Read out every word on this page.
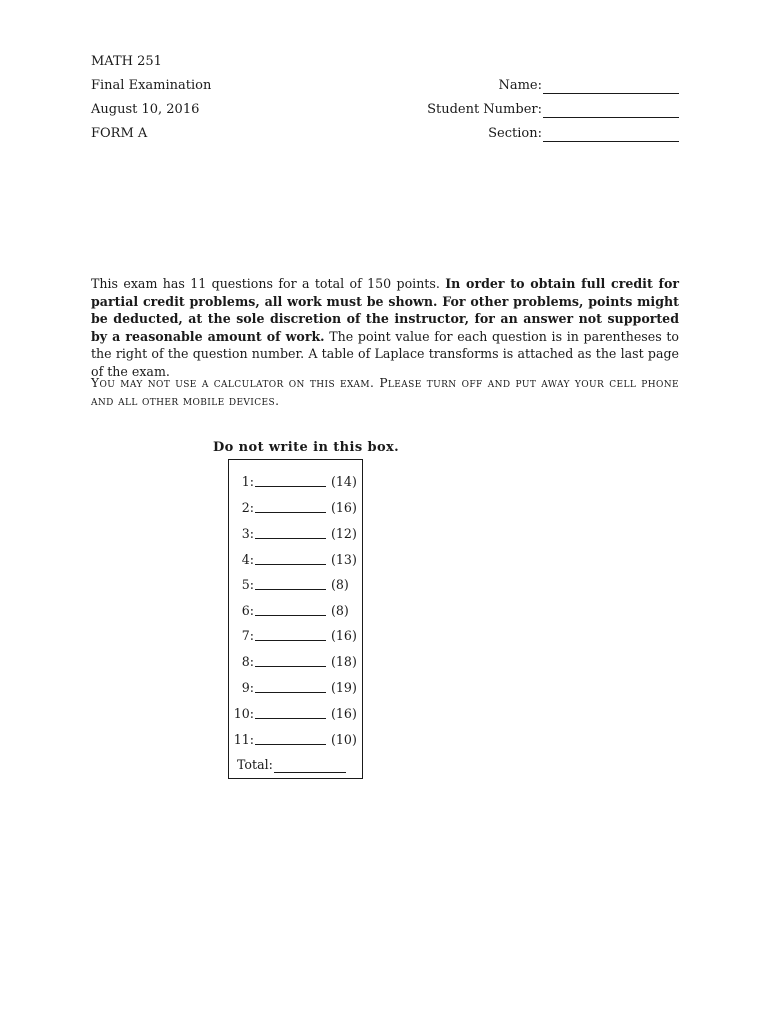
MATH 251
Final Examination
August 10, 2016
FORM A
Name:
Student Number:
Section:
This exam has 11 questions for a total of 150 points. In order to obtain full credit for partial credit problems, all work must be shown. For other problems, points might be deducted, at the sole discretion of the instructor, for an answer not supported by a reasonable amount of work. The point value for each question is in parentheses to the right of the question number. A table of Laplace transforms is attached as the last page of the exam.
You may not use a calculator on this exam. Please turn off and put away your cell phone and all other mobile devices.
Do not write in this box.
1:	(14)
2:	(16)
3:	(12)
4:	(13)
5:	(8)
6:	(8)
7:	(16)
8:	(18)
9:	(19)
10:	(16)
11:	(10)
Total:
